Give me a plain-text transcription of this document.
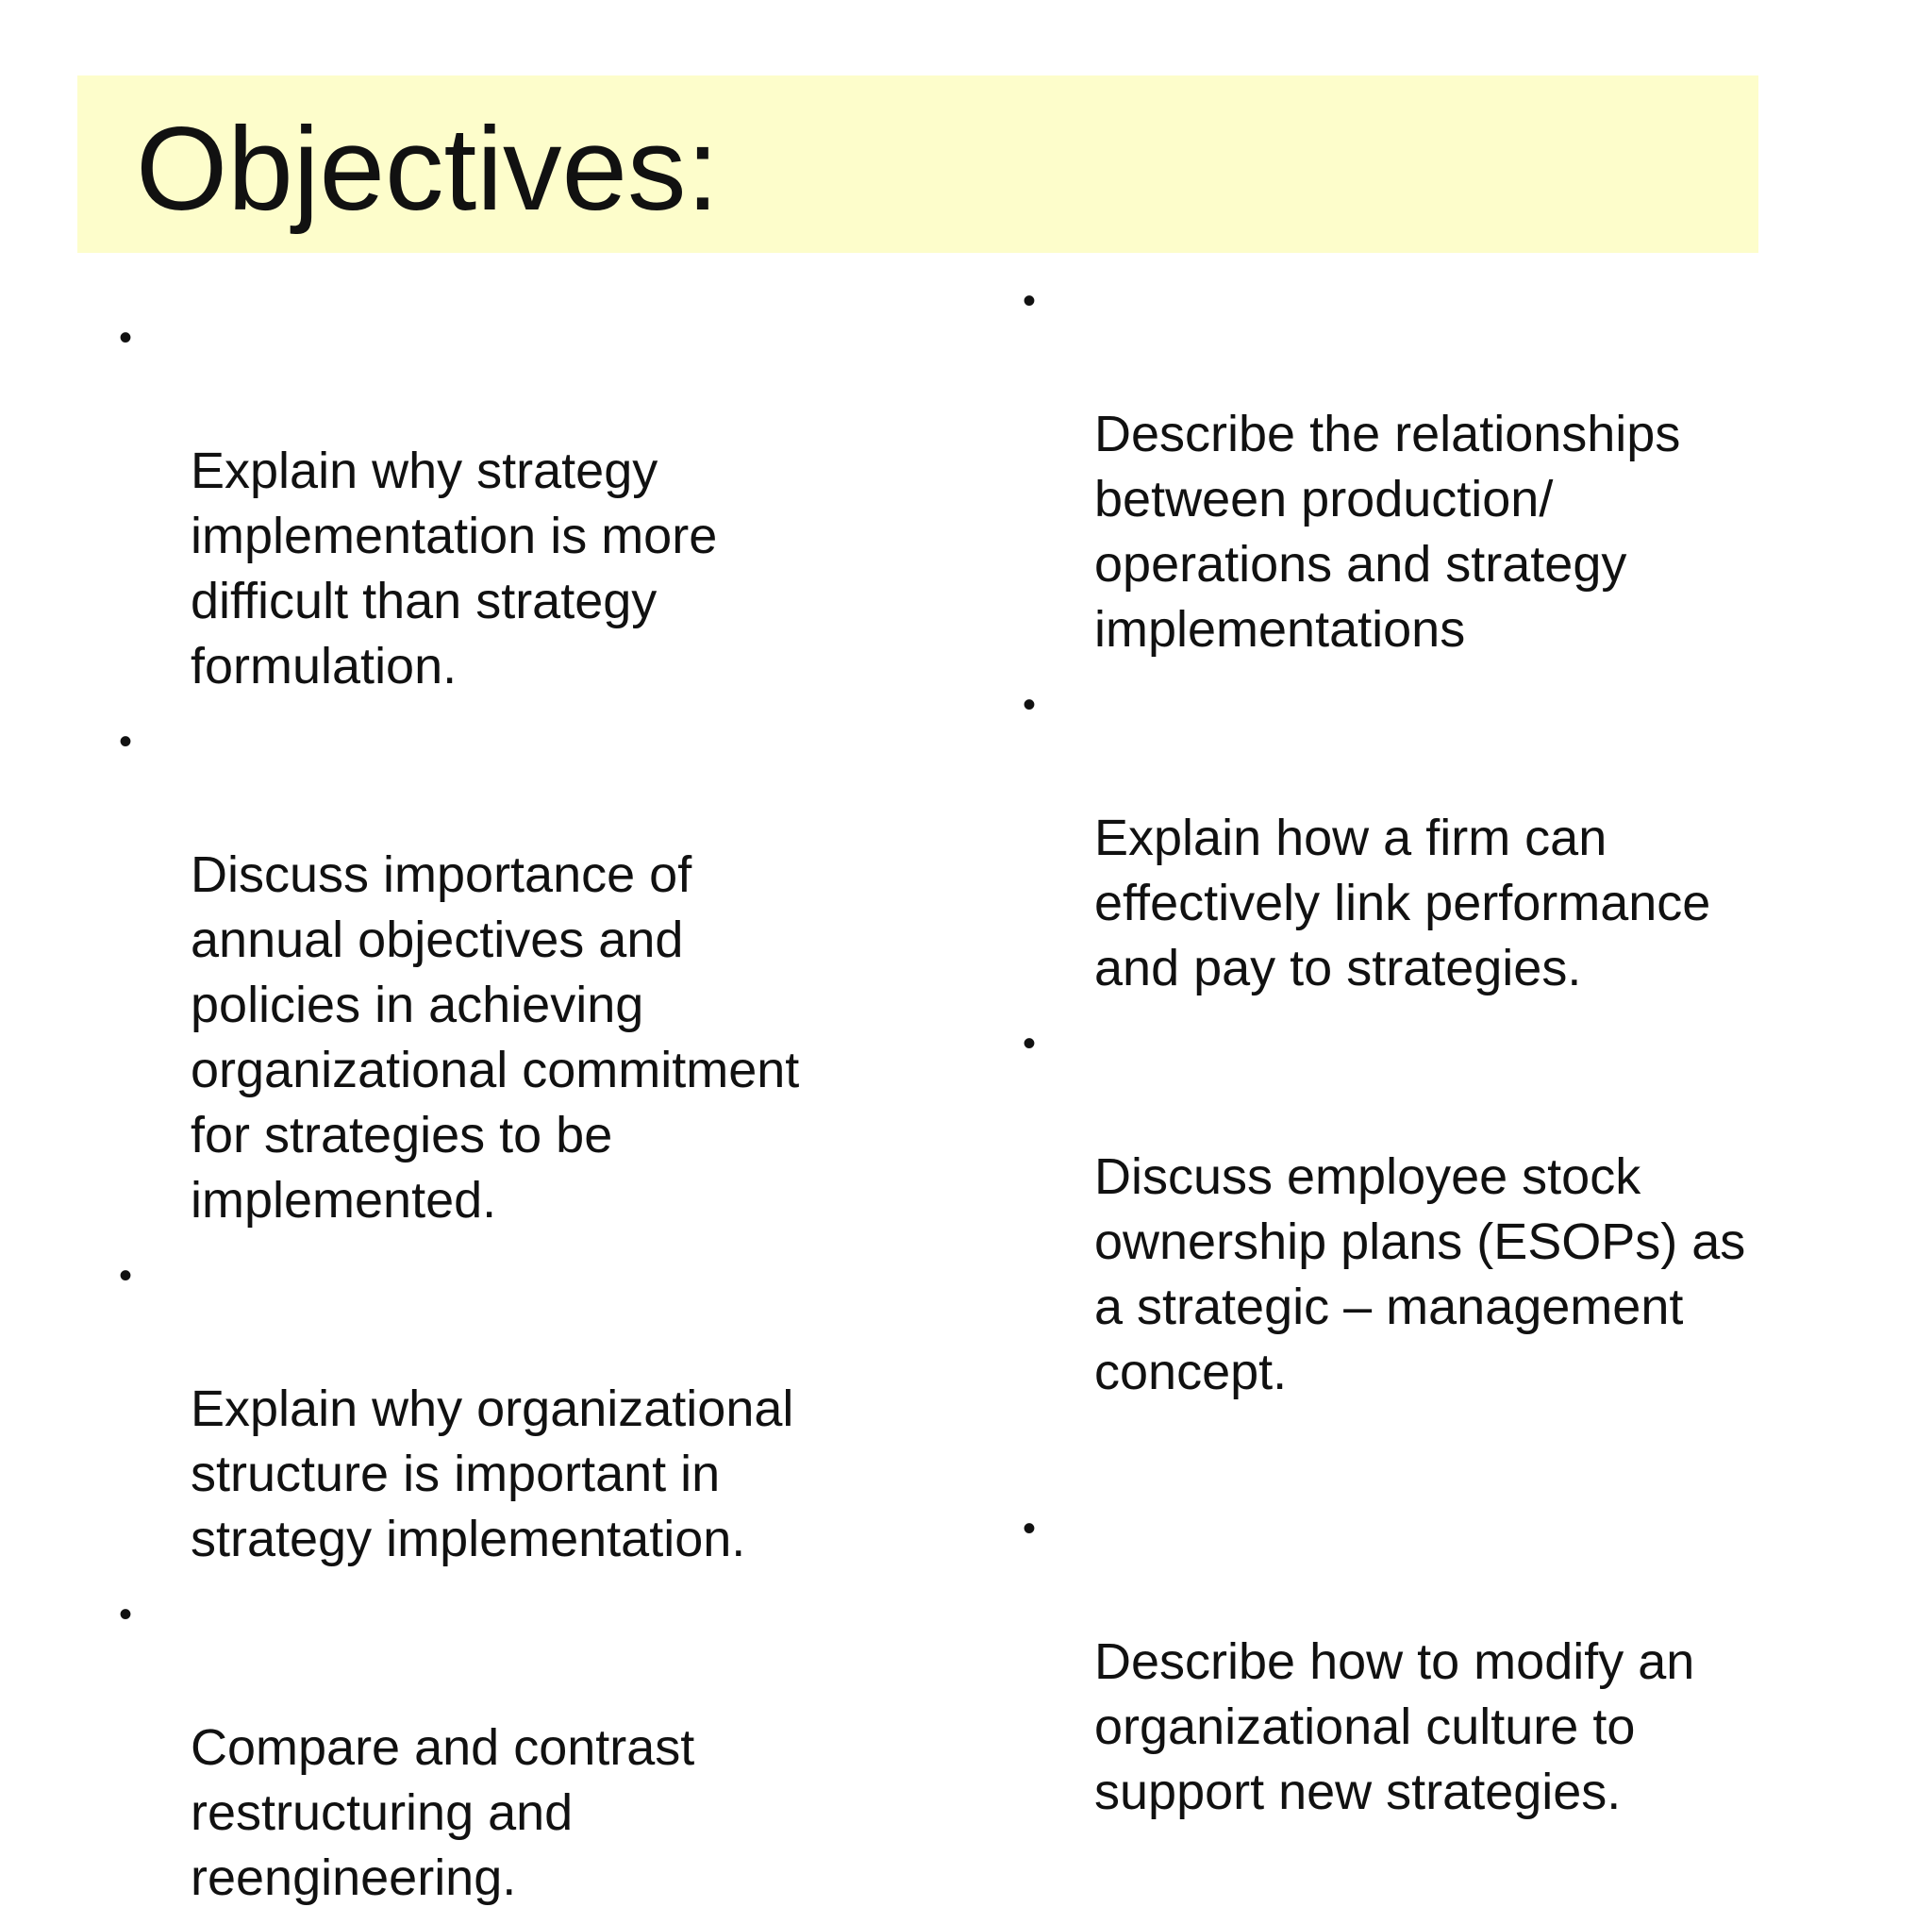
Objectives:

•

Explain why strategy
implementation is more
difficult than strategy
formulation.

•

Discuss importance of
annual objectives and
policies in achieving
organizational commitment
for strategies to be
implemented.

•

Explain why organizational
structure is important in
strategy implementation.

•

Compare and contrast
restructuring and
reengineering.

•

Describe the relationships
between production/
operations and strategy
implementations

•

Explain how a firm can
effectively link performance
and pay to strategies.

•

Discuss employee stock
ownership plans (ESOPs) as
a strategic – management
concept.

•

Describe how to modify an
organizational culture to
support new strategies.
